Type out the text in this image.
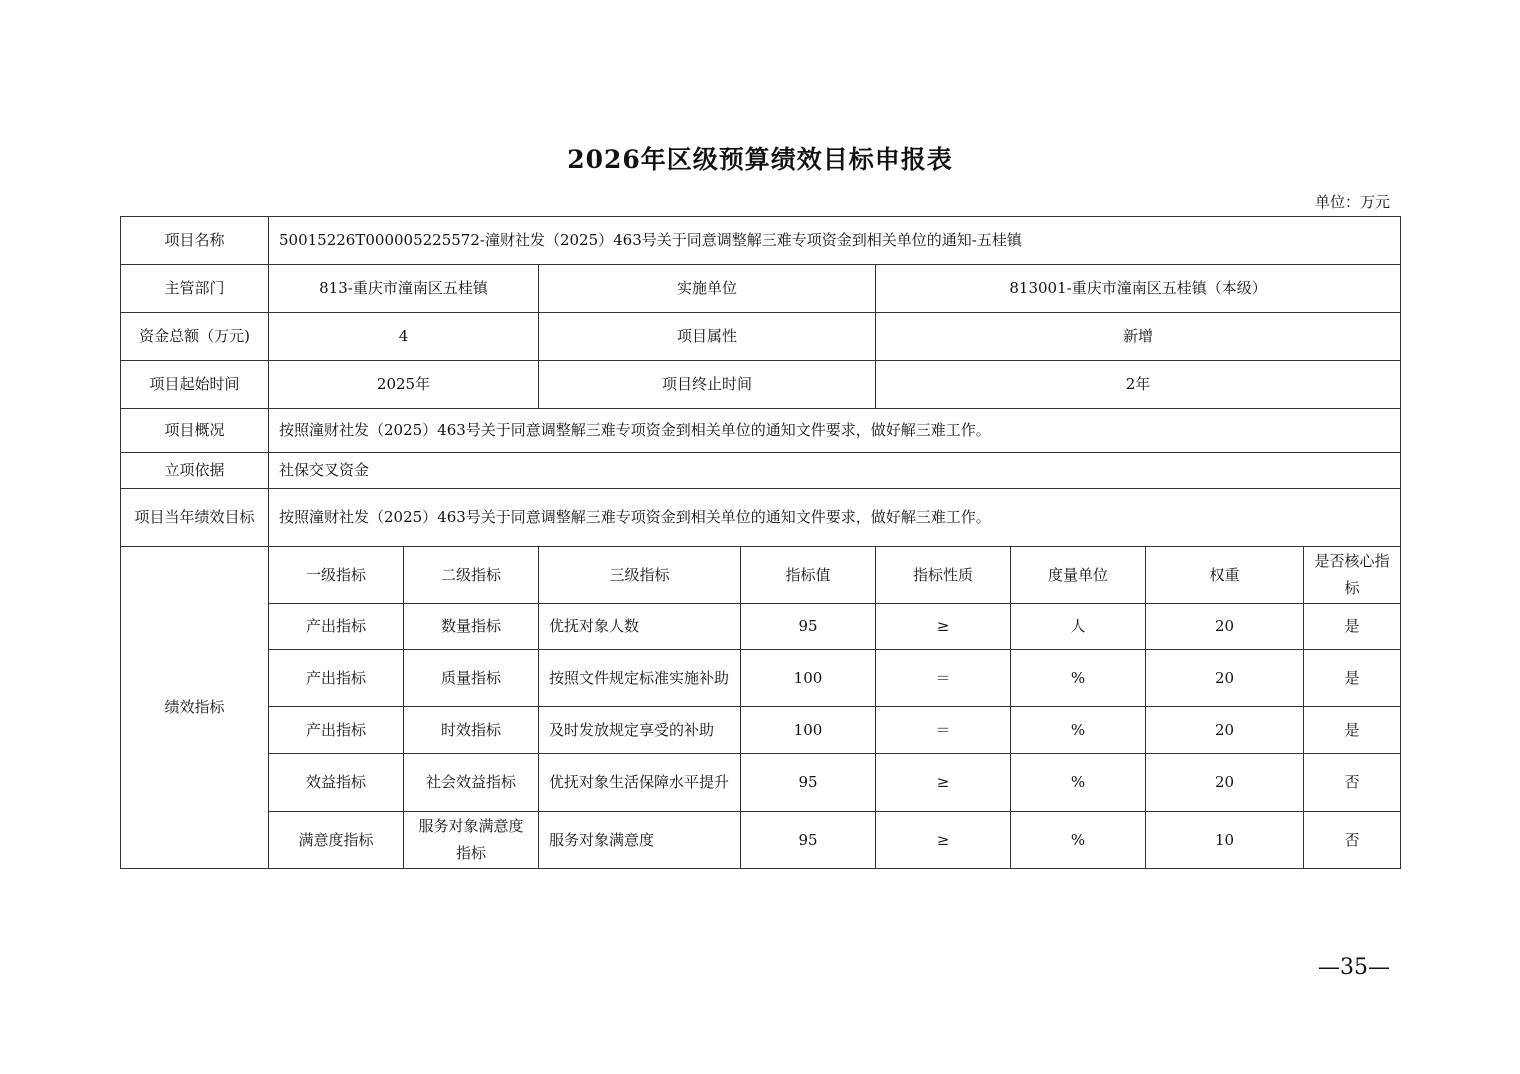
2026年区级预算绩效目标申报表
单位：万元
项目名称	50015226T000005225572-潼财社发（2025）463号关于同意调整解三难专项资金到相关单位的通知-五桂镇							
主管部门	813-重庆市潼南区五桂镇		实施单位		813001-重庆市潼南区五桂镇（本级）			
资金总额（万元)	4		项目属性		新增			
项目起始时间	2025年		项目终止时间		2年			
项目概况	按照潼财社发（2025）463号关于同意调整解三难专项资金到相关单位的通知文件要求，做好解三难工作。							
立项依据	社保交叉资金							
项目当年绩效目标	按照潼财社发（2025）463号关于同意调整解三难专项资金到相关单位的通知文件要求，做好解三难工作。							
绩效指标	一级指标	二级指标	三级指标	指标值	指标性质	度量单位	权重	是否核心指标
	产出指标	数量指标	优抚对象人数	95	≥	人	20	是
	产出指标	质量指标	按照文件规定标准实施补助	100	＝	%	20	是
	产出指标	时效指标	及时发放规定享受的补助	100	＝	%	20	是
	效益指标	社会效益指标	优抚对象生活保障水平提升	95	≥	%	20	否
	满意度指标	服务对象满意度指标	服务对象满意度	95	≥	%	10	否
—35—
